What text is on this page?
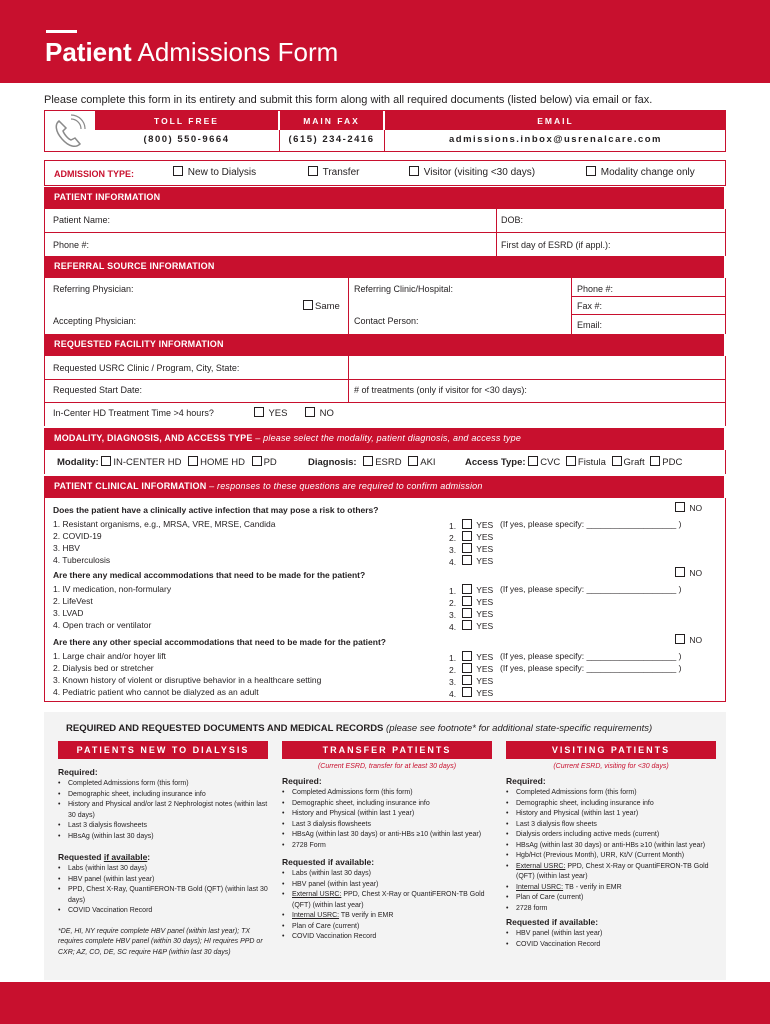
Patient Admissions Form
Please complete this form in its entirety and submit this form along with all required documents (listed below) via email or fax.
TOLL FREE	MAIN FAX	EMAIL
(800) 550-9664	(615) 234-2416	admissions.inbox@usrenalcare.com
ADMISSION TYPE:	New to Dialysis	Transfer	Visitor (visiting <30 days)	Modality change only
PATIENT INFORMATION
Patient Name:	DOB:
Phone #:	First day of ESRD (if appl.):
REFERRAL SOURCE INFORMATION
Referring Physician:
Same
Accepting Physician:
Referring Clinic/Hospital:
Contact Person:
Phone #:
Fax #:
Email:
REQUESTED FACILITY INFORMATION
Requested USRC Clinic / Program, City, State:
Requested Start Date:	# of treatments (only if visitor for <30 days):
In-Center HD Treatment Time >4 hours?	YES	NO
MODALITY, DIAGNOSIS, AND ACCESS TYPE – please select the modality, patient diagnosis, and access type
Modality: IN-CENTER HD HOME HD PD	Diagnosis: ESRD AKI	Access Type: CVC Fistula Graft PDC
PATIENT CLINICAL INFORMATION – responses to these questions are required to confirm admission
Does the patient have a clinically active infection that may pose a risk to others?	NO
1. Resistant organisms, e.g., MRSA, VRE, MRSE, Candida	1.	YES (If yes, please specify: ___________________ )
2. COVID-19	2.	YES
3. HBV	3.	YES
4. Tuberculosis	4.	YES
Are there any medical accommodations that need to be made for the patient?	NO
1. IV medication, non-formulary	1.	YES (If yes, please specify: ___________________ )
2. LifeVest	2.	YES
3. LVAD	3.	YES
4. Open trach or ventilator	4.	YES
Are there any other special accommodations that need to be made for the patient?	NO
1. Large chair and/or hoyer lift	1.	YES (If yes, please specify: ___________________ )
2. Dialysis bed or stretcher	2.	YES (If yes, please specify: ___________________ )
3. Known history of violent or disruptive behavior in a healthcare setting	3.	YES
4. Pediatric patient who cannot be dialyzed as an adult	4.	YES
REQUIRED AND REQUESTED DOCUMENTS AND MEDICAL RECORDS (please see footnote* for additional state-specific requirements)
PATIENTS NEW TO DIALYSIS
Required:
• Completed Admissions form (this form)
• Demographic sheet, including insurance info
• History and Physical and/or last 2 Nephrologist notes (within last 30 days)
• Last 3 dialysis flowsheets
• HBsAg (within last 30 days)
Requested if available:
• Labs (within last 30 days)
• HBV panel (within last year)
• PPD, Chest X-Ray, QuantiFERON-TB Gold (QFT) (within last 30 days)
• COVID Vaccination Record
*DE, HI, NY require complete HBV panel (within last year); TX requires complete HBV panel (within 30 days); HI requires PPD or CXR; AZ, CO, DE, SC require H&P (within last 30 days)
TRANSFER PATIENTS
(Current ESRD, transfer for at least 30 days)
Required:
• Completed Admissions form (this form)
• Demographic sheet, including insurance info
• History and Physical (within last 1 year)
• Last 3 dialysis flowsheets
• HBsAg (within last 30 days) or anti-HBs ≥10 (within last year)
• 2728 Form
Requested if available:
• Labs (within last 30 days)
• HBV panel (within last year)
• External USRC: PPD, Chest X-Ray or QuantiFERON-TB Gold (QFT) (within last year)
• Internal USRC: TB verify in EMR
• Plan of Care (current)
• COVID Vaccination Record
VISITING PATIENTS
(Current ESRD, visiting for <30 days)
Required:
• Completed Admissions form (this form)
• Demographic sheet, including insurance info
• History and Physical (within last 1 year)
• Last 3 dialysis flow sheets
• Dialysis orders including active meds (current)
• HBsAg (within last 30 days) or anti-HBs ≥10 (within last year)
• Hgb/Hct (Previous Month), URR, Kt/V (Current Month)
• External USRC: PPD, Chest X-Ray or QuantiFERON-TB Gold (QFT) (within last year)
• Internal USRC: TB - verify in EMR
• Plan of Care (current)
• 2728 form
Requested if available:
• HBV panel (within last year)
• COVID Vaccination Record
